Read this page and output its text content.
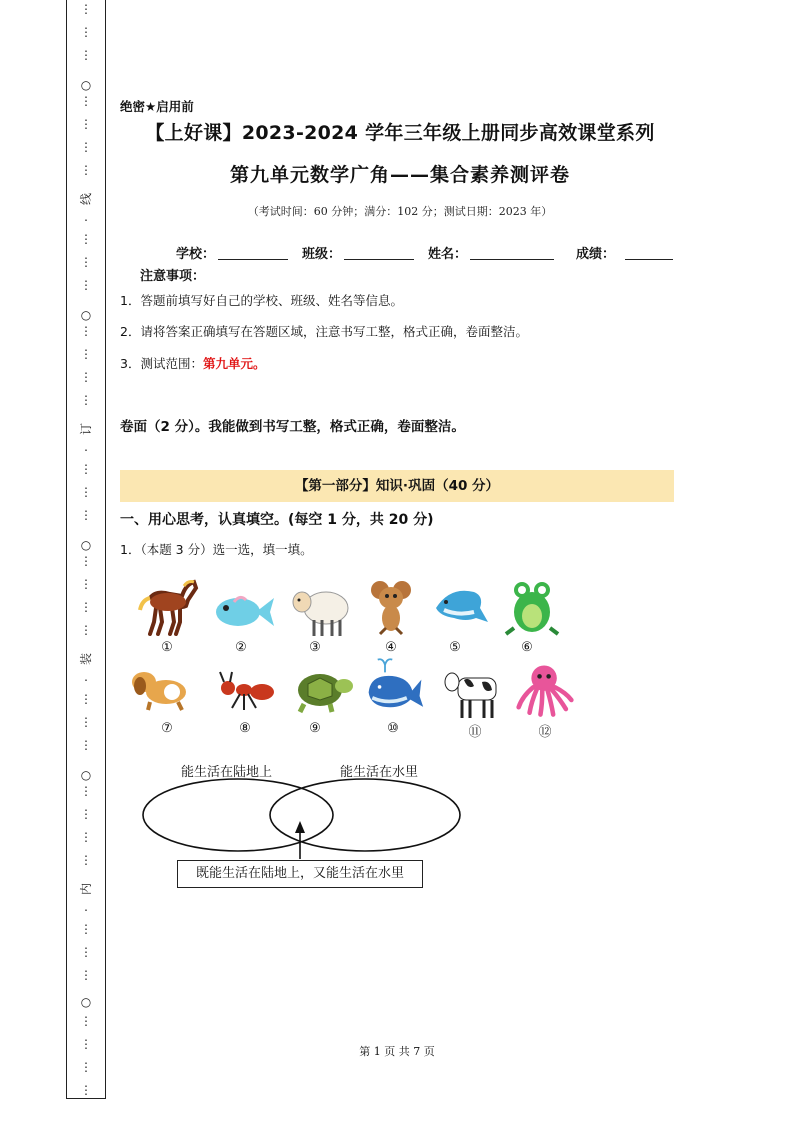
⋮
⋮
⋮
⋮
⋮
⋮
⋮
⋮
⋮
⋮
⋮
⋮
⋮
⋮
⋮
⋮
⋮
⋮
⋮
⋮
⋮
⋮
⋮
⋮
⋮
⋮
⋮
⋮
⋮
⋮
⋮
⋮
⋮
⋮
⋮
○
○
○
○
○
线
订
装
内
绝密★启用前
【上好课】2023-2024 学年三年级上册同步高效课堂系列
第九单元数学广角——集合素养测评卷
（考试时间：60 分钟；满分：102 分；测试日期：2023 年）
学校：	班级：	姓名：	成绩：
注意事项：
1．答题前填写好自己的学校、班级、姓名等信息。
2．请将答案正确填写在答题区域，注意书写工整，格式正确，卷面整洁。
3．测试范围：第九单元。
卷面（2 分）。我能做到书写工整，格式正确，卷面整洁。
【第一部分】知识·巩固（40 分）
一、用心思考，认真填空。(每空 1 分，共 20 分)
1．（本题 3 分）选一选，填一填。
①	②	③	④	⑤	⑥
⑦	⑧	⑨	⑩	⑪	⑫
能生活在陆地上	能生活在水里
既能生活在陆地上，又能生活在水里
第 1 页 共 7 页
